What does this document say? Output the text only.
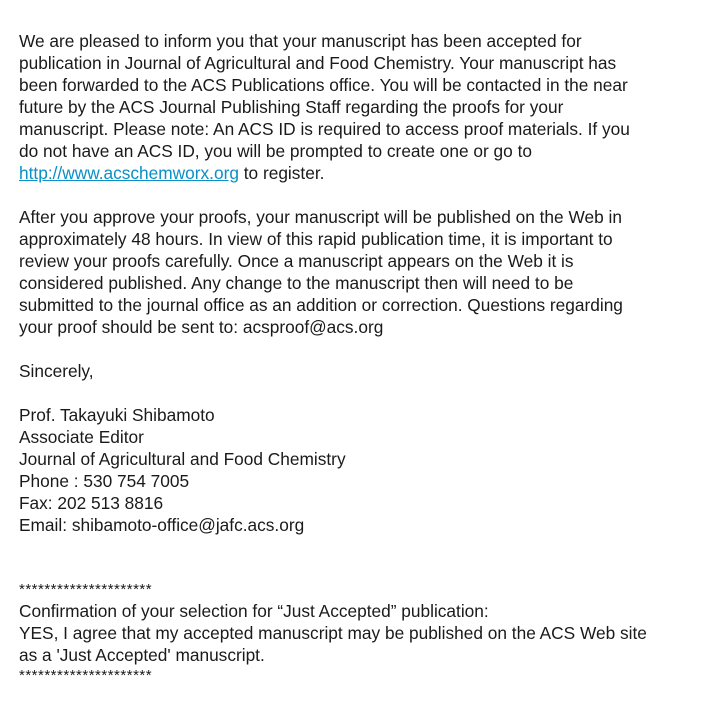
We are pleased to inform you that your manuscript has been accepted for
publication in Journal of Agricultural and Food Chemistry. Your manuscript has
been forwarded to the ACS Publications office. You will be contacted in the near
future by the ACS Journal Publishing Staff regarding the proofs for your
manuscript. Please note: An ACS ID is required to access proof materials. If you
do not have an ACS ID, you will be prompted to create one or go to
http://www.acschemworx.org to register.

After you approve your proofs, your manuscript will be published on the Web in
approximately 48 hours. In view of this rapid publication time, it is important to
review your proofs carefully. Once a manuscript appears on the Web it is
considered published. Any change to the manuscript then will need to be
submitted to the journal office as an addition or correction. Questions regarding
your proof should be sent to: acsproof@acs.org

Sincerely,

Prof. Takayuki Shibamoto
Associate Editor
Journal of Agricultural and Food Chemistry
Phone : 530 754 7005
Fax: 202 513 8816
Email: shibamoto-office@jafc.acs.org

*********************
Confirmation of your selection for “Just Accepted” publication:
YES, I agree that my accepted manuscript may be published on the ACS Web site
as a 'Just Accepted' manuscript.
*********************
